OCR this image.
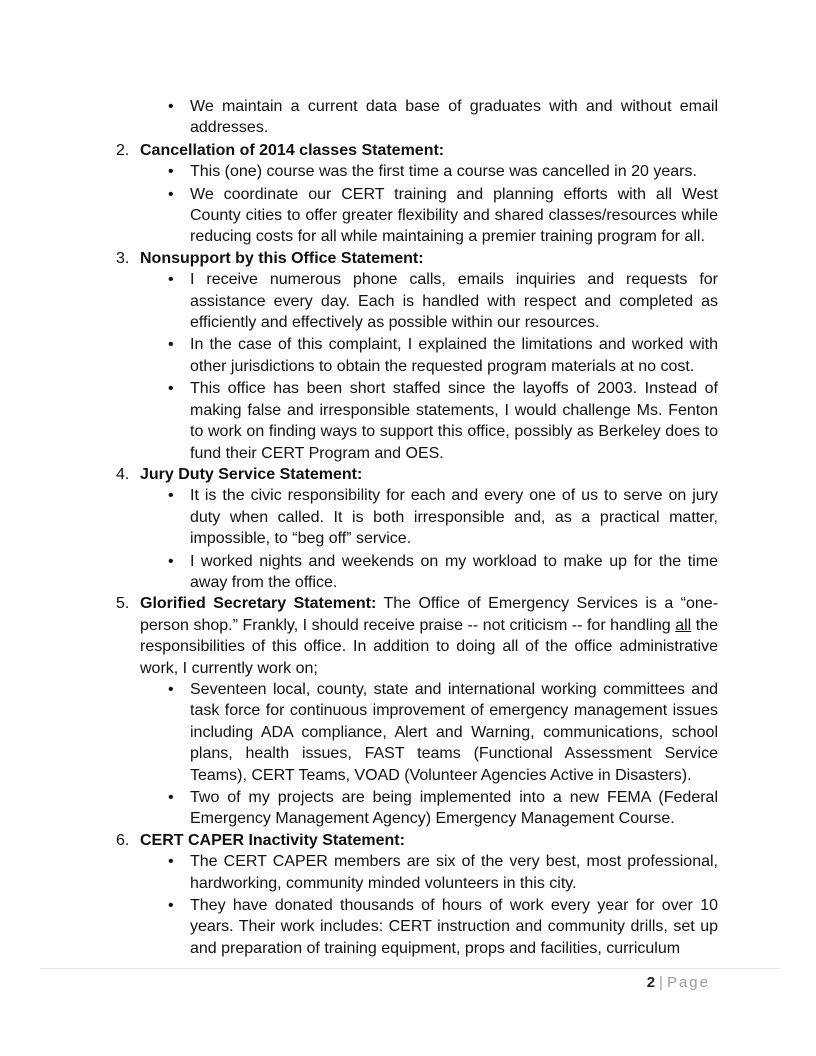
• We maintain a current data base of graduates with and without email addresses.
2. Cancellation of 2014 classes Statement:
• This (one) course was the first time a course was cancelled in 20 years.
• We coordinate our CERT training and planning efforts with all West County cities to offer greater flexibility and shared classes/resources while reducing costs for all while maintaining a premier training program for all.
3. Nonsupport by this Office Statement:
• I receive numerous phone calls, emails inquiries and requests for assistance every day. Each is handled with respect and completed as efficiently and effectively as possible within our resources.
• In the case of this complaint, I explained the limitations and worked with other jurisdictions to obtain the requested program materials at no cost.
• This office has been short staffed since the layoffs of 2003. Instead of making false and irresponsible statements, I would challenge Ms. Fenton to work on finding ways to support this office, possibly as Berkeley does to fund their CERT Program and OES.
4. Jury Duty Service Statement:
• It is the civic responsibility for each and every one of us to serve on jury duty when called. It is both irresponsible and, as a practical matter, impossible, to “beg off” service.
• I worked nights and weekends on my workload to make up for the time away from the office.
5. Glorified Secretary Statement: The Office of Emergency Services is a “one-person shop.” Frankly, I should receive praise -- not criticism -- for handling all the responsibilities of this office. In addition to doing all of the office administrative work, I currently work on;
• Seventeen local, county, state and international working committees and task force for continuous improvement of emergency management issues including ADA compliance, Alert and Warning, communications, school plans, health issues, FAST teams (Functional Assessment Service Teams), CERT Teams, VOAD (Volunteer Agencies Active in Disasters).
• Two of my projects are being implemented into a new FEMA (Federal Emergency Management Agency) Emergency Management Course.
6. CERT CAPER Inactivity Statement:
• The CERT CAPER members are six of the very best, most professional, hardworking, community minded volunteers in this city.
• They have donated thousands of hours of work every year for over 10 years. Their work includes: CERT instruction and community drills, set up and preparation of training equipment, props and facilities, curriculum
2 | Page
